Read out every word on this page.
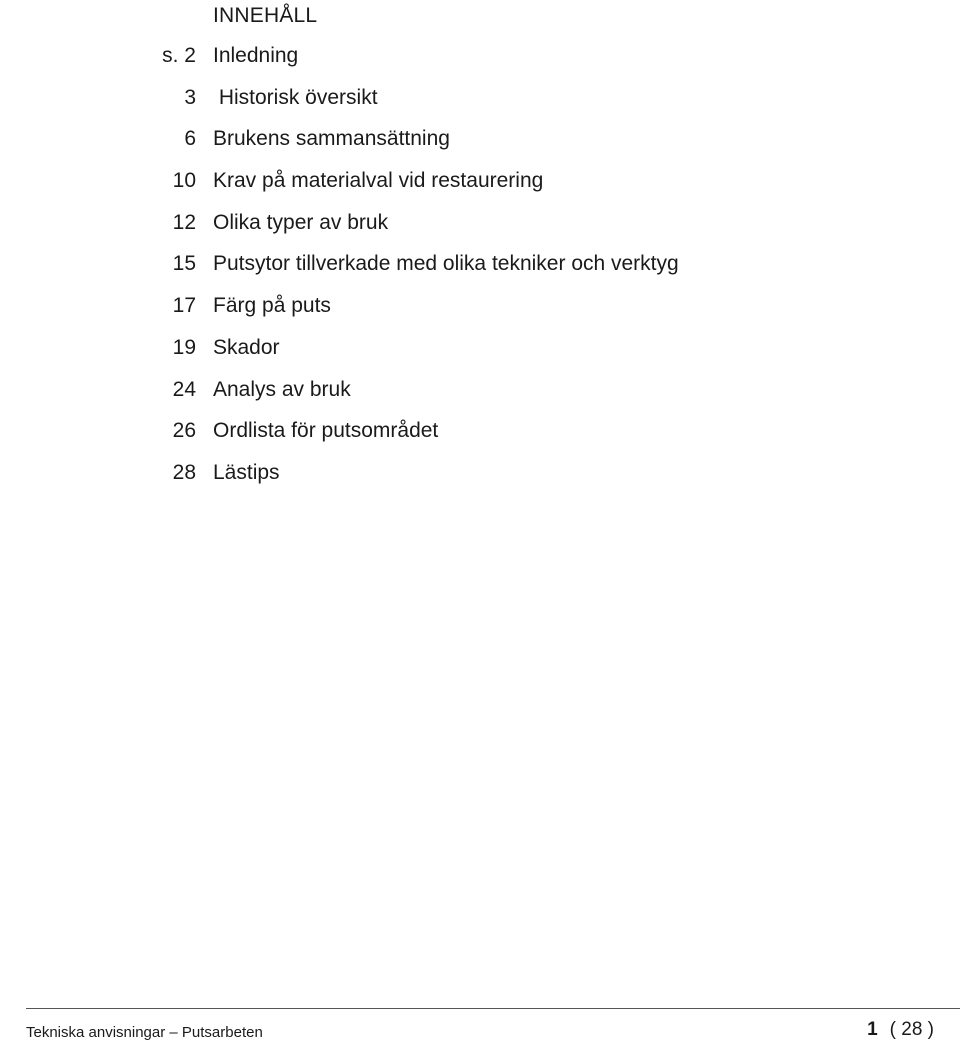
INNEHÅLL
s. 2 Inledning
3 Historisk översikt
6 Brukens sammansättning
10 Krav på materialval vid restaurering
12 Olika typer av bruk
15 Putsytor tillverkade med olika tekniker och verktyg
17 Färg på puts
19 Skador
24 Analys av bruk
26 Ordlista för putsområdet
28 Lästips
Tekniska anvisningar – Putsarbeten	1 ( 28 )
